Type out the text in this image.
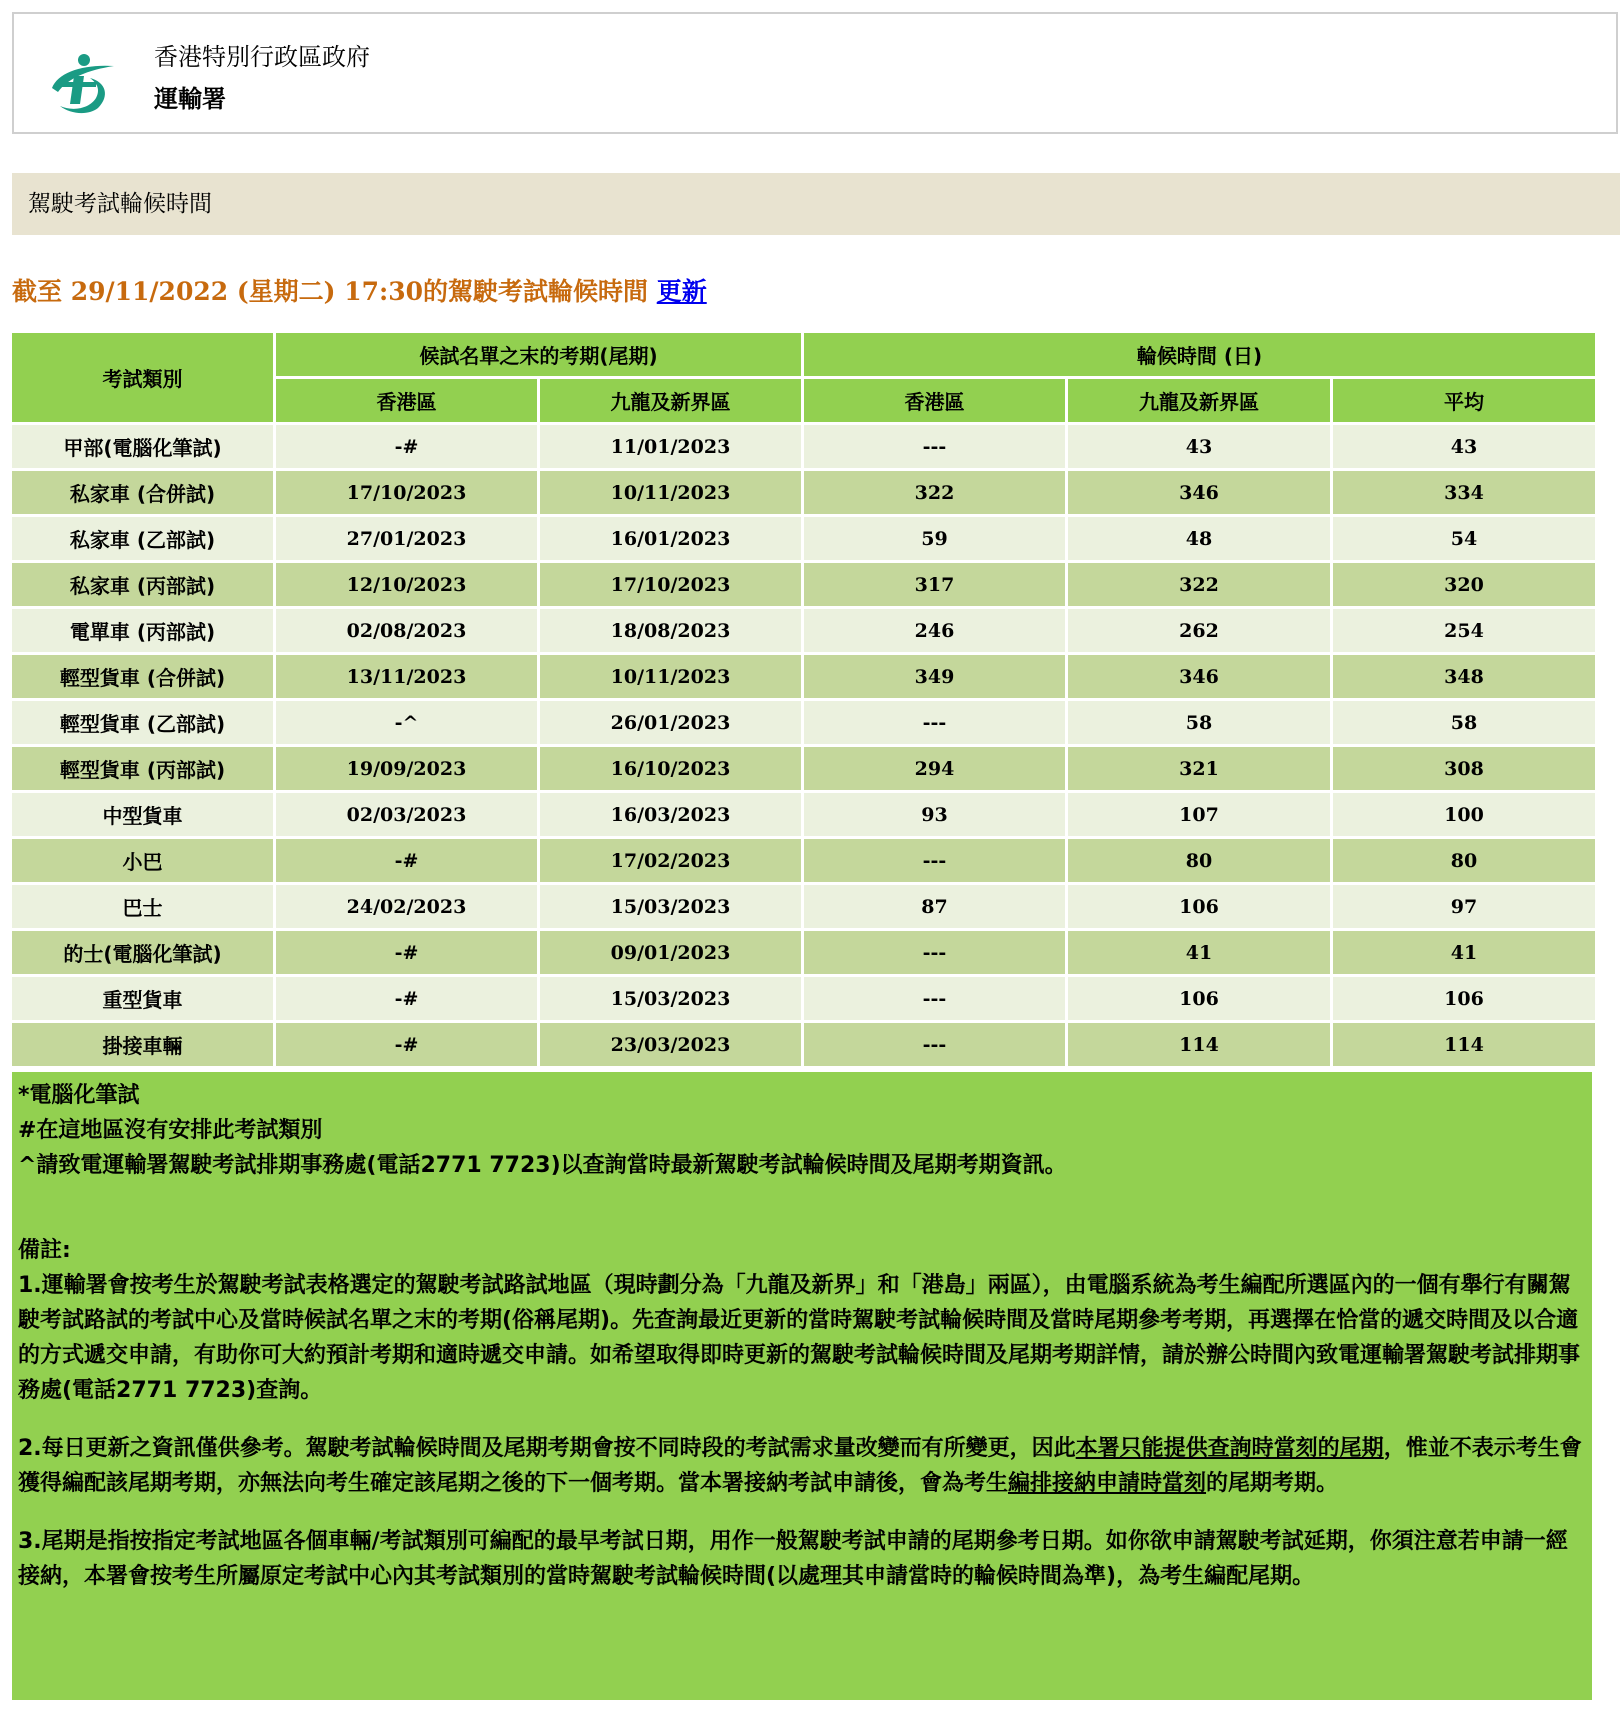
香港特別行政區政府
運輸署
駕駛考試輪候時間
截至 29/11/2022 (星期二) 17:30的駕駛考試輪候時間 更新
考試類別	候試名單之末的考期(尾期)		輪候時間 (日)		
	香港區	九龍及新界區	香港區	九龍及新界區	平均
甲部(電腦化筆試)	-#	11/01/2023	---	43	43
私家車 (合併試)	17/10/2023	10/11/2023	322	346	334
私家車 (乙部試)	27/01/2023	16/01/2023	59	48	54
私家車 (丙部試)	12/10/2023	17/10/2023	317	322	320
電單車 (丙部試)	02/08/2023	18/08/2023	246	262	254
輕型貨車 (合併試)	13/11/2023	10/11/2023	349	346	348
輕型貨車 (乙部試)	-^	26/01/2023	---	58	58
輕型貨車 (丙部試)	19/09/2023	16/10/2023	294	321	308
中型貨車	02/03/2023	16/03/2023	93	107	100
小巴	-#	17/02/2023	---	80	80
巴士	24/02/2023	15/03/2023	87	106	97
的士(電腦化筆試)	-#	09/01/2023	---	41	41
重型貨車	-#	15/03/2023	---	106	106
掛接車輛	-#	23/03/2023	---	114	114

*電腦化筆試

#在這地區沒有安排此考試類別

^請致電運輸署駕駛考試排期事務處(電話2771 7723)以查詢當時最新駕駛考試輪候時間及尾期考期資訊。

備註:

1.運輸署會按考生於駕駛考試表格選定的駕駛考試路試地區（現時劃分為「九龍及新界」和「港島」兩區），由電腦系統為考生編配所選區內的一個有舉行有關駕駛考試路試的考試中心及當時候試名單之末的考期(俗稱尾期)。先查詢最近更新的當時駕駛考試輪候時間及當時尾期參考考期，再選擇在恰當的遞交時間及以合適的方式遞交申請，有助你可大約預計考期和適時遞交申請。如希望取得即時更新的駕駛考試輪候時間及尾期考期詳情，請於辦公時間內致電運輸署駕駛考試排期事務處(電話2771 7723)查詢。

2.每日更新之資訊僅供參考。駕駛考試輪候時間及尾期考期會按不同時段的考試需求量改變而有所變更，因此本署只能提供查詢時當刻的尾期，惟並不表示考生會獲得編配該尾期考期，亦無法向考生確定該尾期之後的下一個考期。當本署接納考試申請後，會為考生編排接納申請時當刻的尾期考期。

3.尾期是指按指定考試地區各個車輛/考試類別可編配的最早考試日期，用作一般駕駛考試申請的尾期參考日期。如你欲申請駕駛考試延期，你須注意若申請一經接納，本署會按考生所屬原定考試中心內其考試類別的當時駕駛考試輪候時間(以處理其申請當時的輪候時間為準)，為考生編配尾期。
